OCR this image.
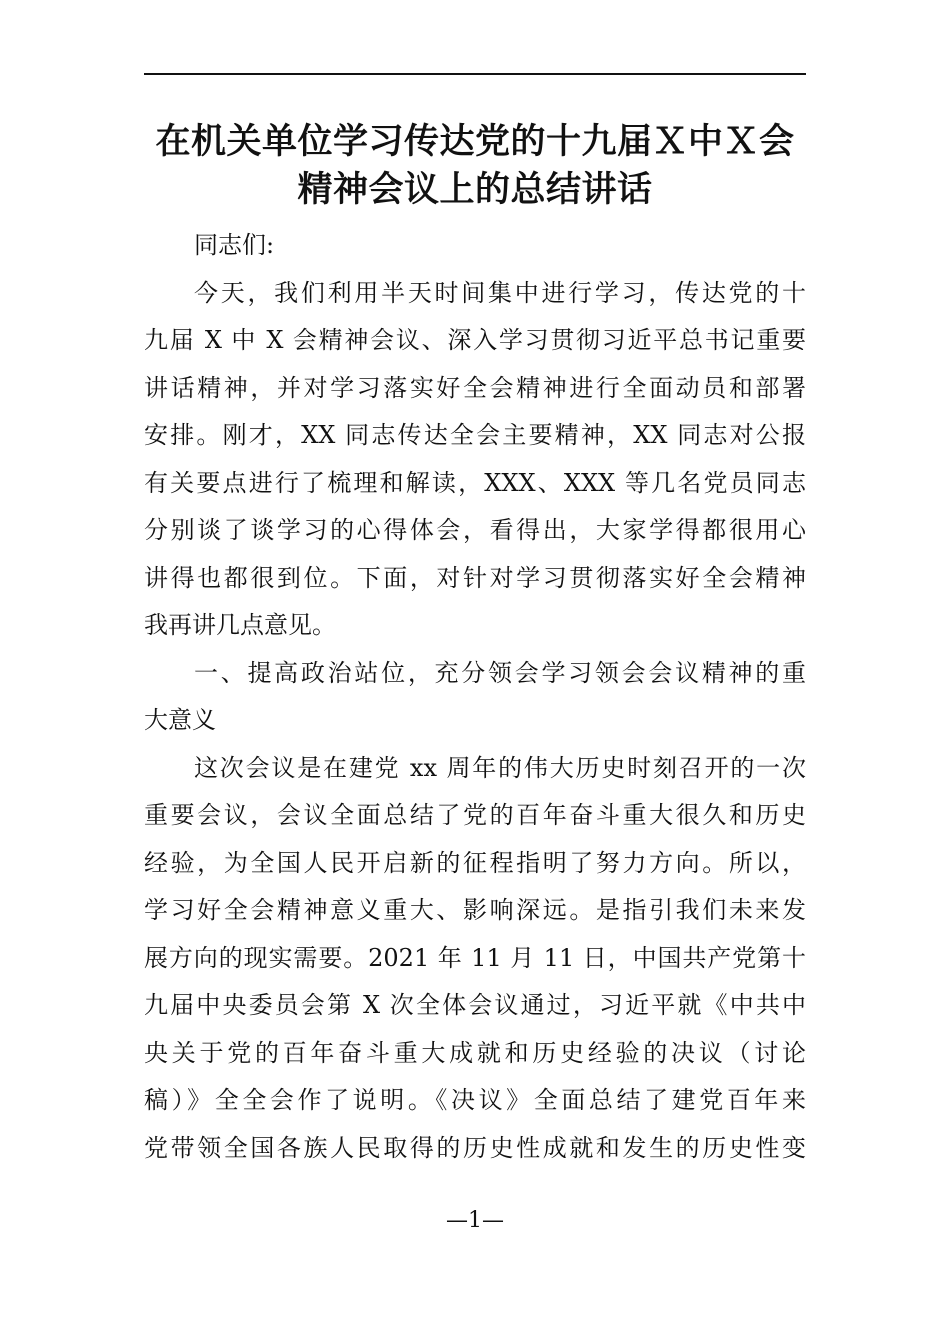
在机关单位学习传达党的十九届Ｘ中Ｘ会
精神会议上的总结讲话
同志们:
今天，我们利用半天时间集中进行学习，传达党的十
九届 X 中 X 会精神会议、深入学习贯彻习近平总书记重要
讲话精神，并对学习落实好全会精神进行全面动员和部署
安排。刚才，XX 同志传达全会主要精神，XX 同志对公报
有关要点进行了梳理和解读，XXX、XXX 等几名党员同志
分别谈了谈学习的心得体会，看得出，大家学得都很用心
讲得也都很到位。下面，对针对学习贯彻落实好全会精神
我再讲几点意见。
一、提高政治站位，充分领会学习领会会议精神的重
大意义
这次会议是在建党 xx 周年的伟大历史时刻召开的一次
重要会议，会议全面总结了党的百年奋斗重大很久和历史
经验，为全国人民开启新的征程指明了努力方向。所以，
学习好全会精神意义重大、影响深远。是指引我们未来发
展方向的现实需要。2021 年 11 月 11 日，中国共产党第十
九届中央委员会第 X 次全体会议通过，习近平就《中共中
央关于党的百年奋斗重大成就和历史经验的决议（讨论
稿）》全全会作了说明。《决议》全面总结了建党百年来
党带领全国各族人民取得的历史性成就和发生的历史性变
—1—
